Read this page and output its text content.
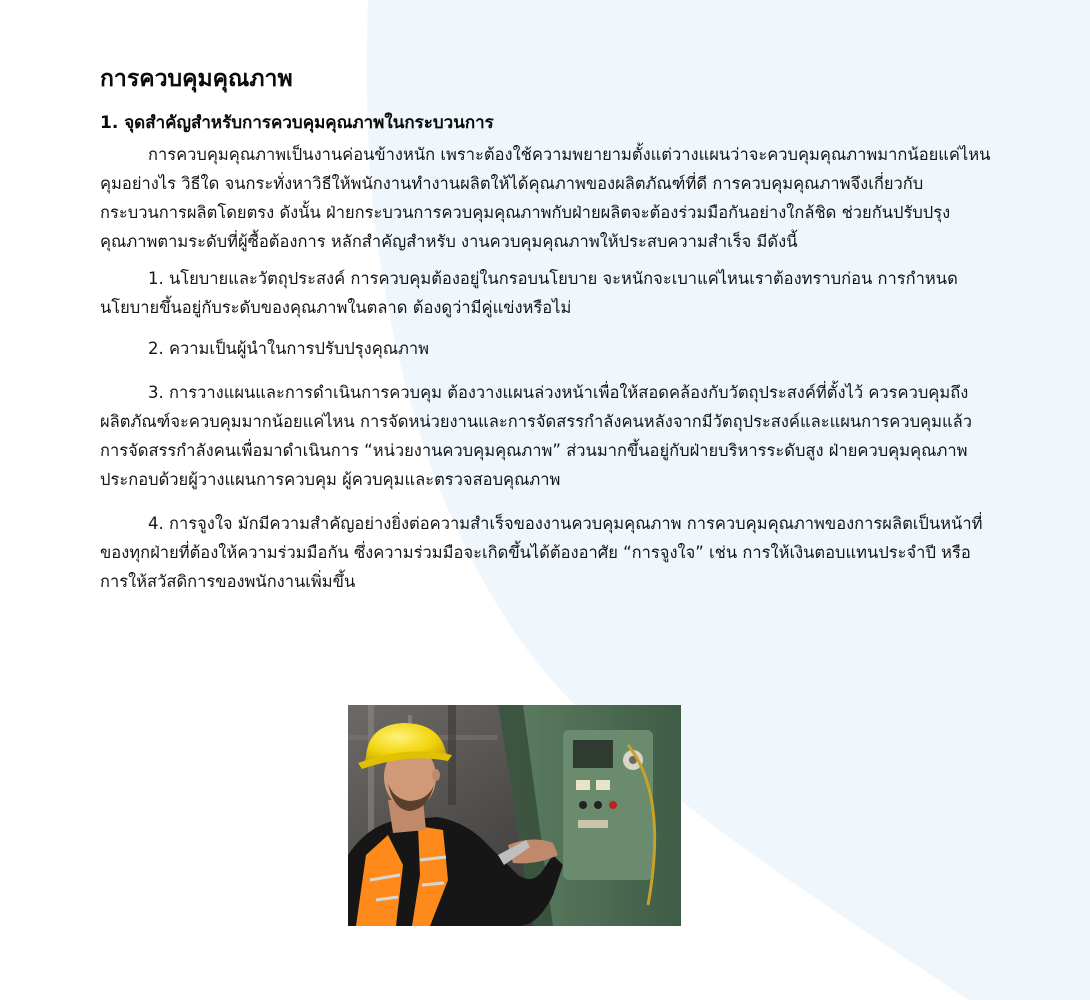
การควบคุมคุณภาพ
1. จุดสำคัญสำหรับการควบคุมคุณภาพในกระบวนการ

การควบคุมคุณภาพเป็นงานค่อนข้างหนัก เพราะต้องใช้ความพยายามตั้งแต่วางแผนว่าจะควบคุมคุณภาพมากน้อยแค่ไหน คุมอย่างไร วิธีใด จนกระทั่งหาวิธีให้พนักงานทำงานผลิตให้ได้คุณภาพของผลิตภัณฑ์ที่ดี การควบคุมคุณภาพจึงเกี่ยวกับกระบวนการผลิตโดยตรง ดังนั้น ฝ่ายกระบวนการควบคุมคุณภาพกับฝ่ายผลิตจะต้องร่วมมือกันอย่างใกล้ชิด ช่วยกันปรับปรุงคุณภาพตามระดับที่ผู้ซื้อต้องการ หลักสำคัญสำหรับ งานควบคุมคุณภาพให้ประสบความสำเร็จ มีดังนี้

1. นโยบายและวัตถุประสงค์ การควบคุมต้องอยู่ในกรอบนโยบาย จะหนักจะเบาแค่ไหนเราต้องทราบก่อน การกำหนดนโยบายขึ้นอยู่กับระดับของคุณภาพในตลาด ต้องดูว่ามีคู่แข่งหรือไม่

2. ความเป็นผู้นำในการปรับปรุงคุณภาพ

3. การวางแผนและการดำเนินการควบคุม ต้องวางแผนล่วงหน้าเพื่อให้สอดคล้องกับวัตถุประสงค์ที่ตั้งไว้ ควรควบคุมถึงผลิตภัณฑ์จะควบคุมมากน้อยแค่ไหน การจัดหน่วยงานและการจัดสรรกำลังคนหลังจากมีวัตถุประสงค์และแผนการควบคุมแล้ว การจัดสรรกำลังคนเพื่อมาดำเนินการ “หน่วยงานควบคุมคุณภาพ” ส่วนมากขึ้นอยู่กับฝ่ายบริหารระดับสูง ฝ่ายควบคุมคุณภาพประกอบด้วยผู้วางแผนการควบคุม ผู้ควบคุมและตรวจสอบคุณภาพ

4. การจูงใจ มักมีความสำคัญอย่างยิ่งต่อความสำเร็จของงานควบคุมคุณภาพ การควบคุมคุณภาพของการผลิตเป็นหน้าที่ของทุกฝ่ายที่ต้องให้ความร่วมมือกัน ซึ่งความร่วมมือจะเกิดขึ้นได้ต้องอาศัย “การจูงใจ” เช่น การให้เงินตอบแทนประจำปี หรือการให้สวัสดิการของพนักงานเพิ่มขึ้น
